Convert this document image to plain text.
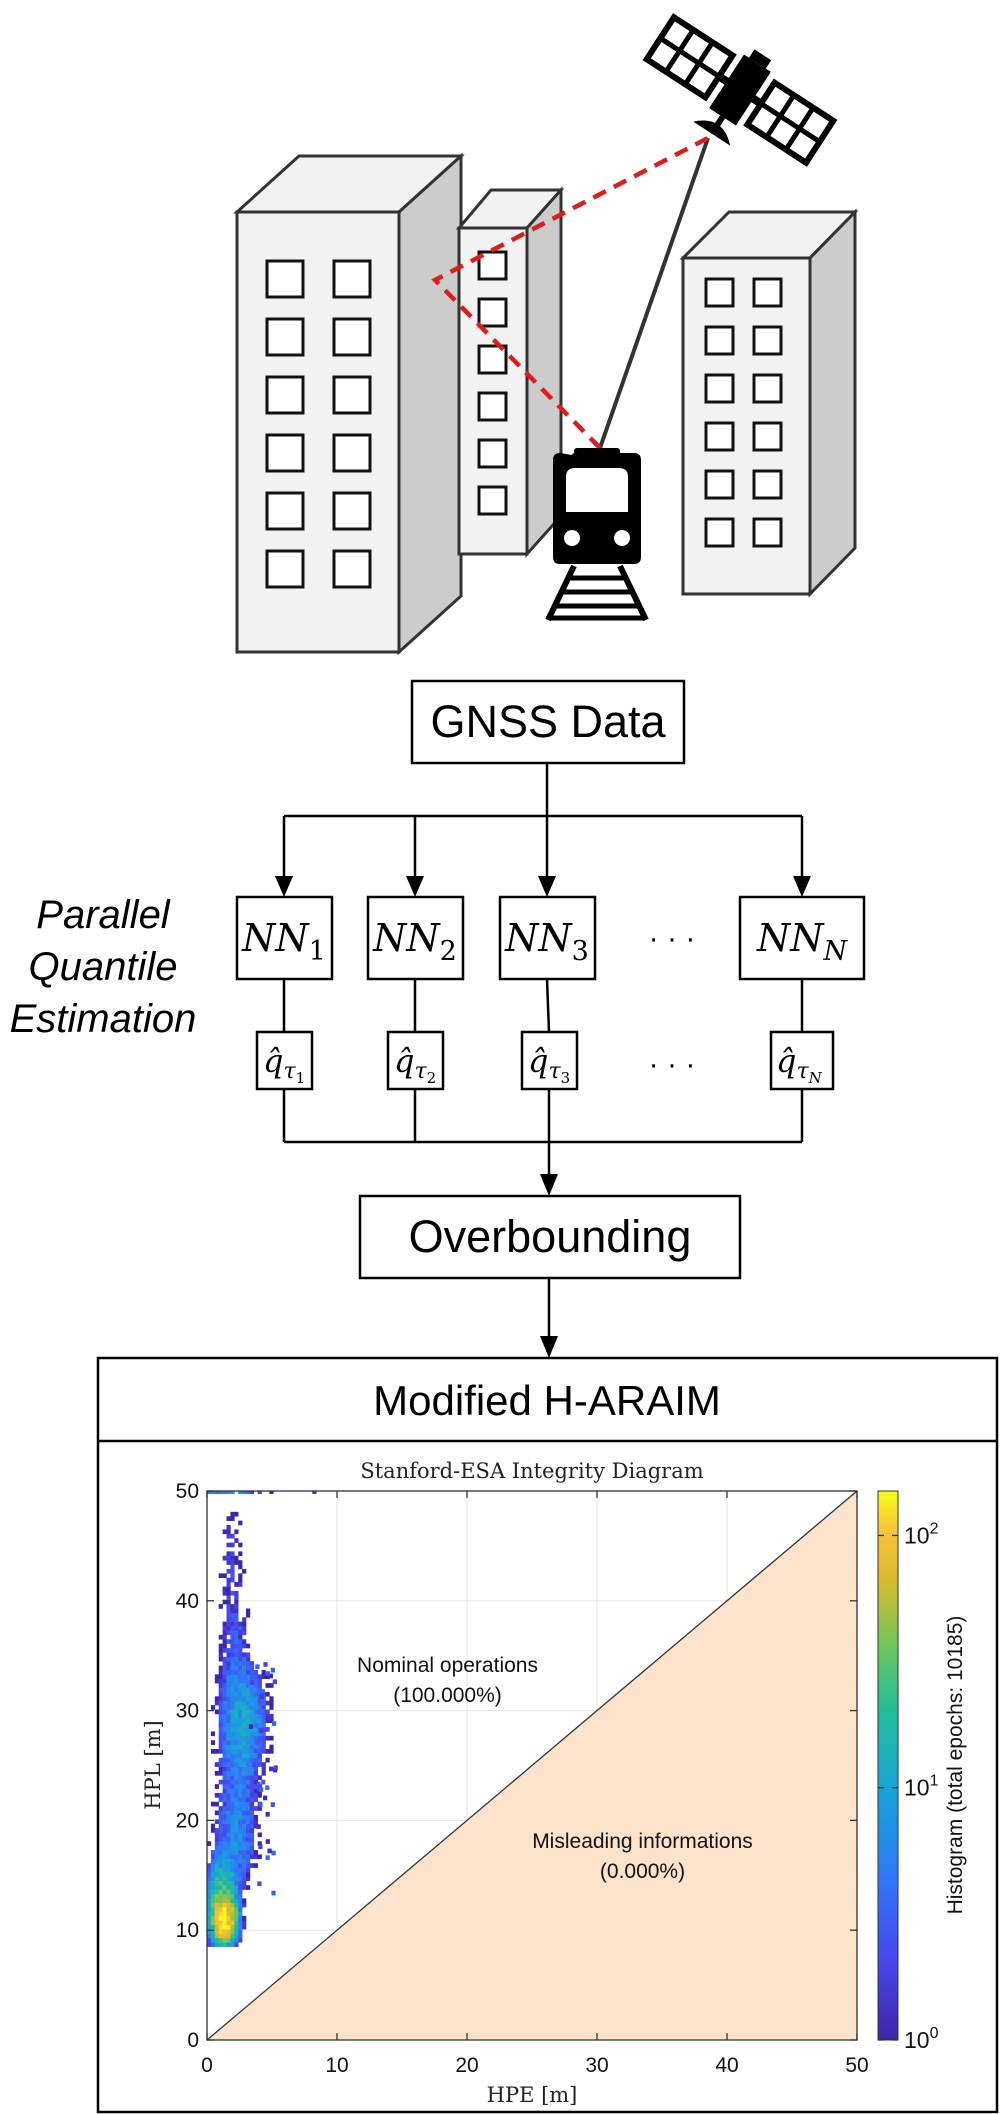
GNSS Data
Parallel
Quantile
Estimation
$NN_1$ $NN_2$ $NN_3$ · · · $NN_N$
q̂τ1	q̂τ2	q̂τ3	· · ·	q̂τN
Overbounding
Modified H-ARAIM
Stanford-ESA Integrity Diagram
0	10	20	30	40	50
0
10
20
30
40
50
HPE [m]
HPL [m]
Nominal operations
(100.000%)
Misleading informations
(0.000%)
$10^0$
$10^1$
$10^2$
Histogram (total epochs: 10185)
